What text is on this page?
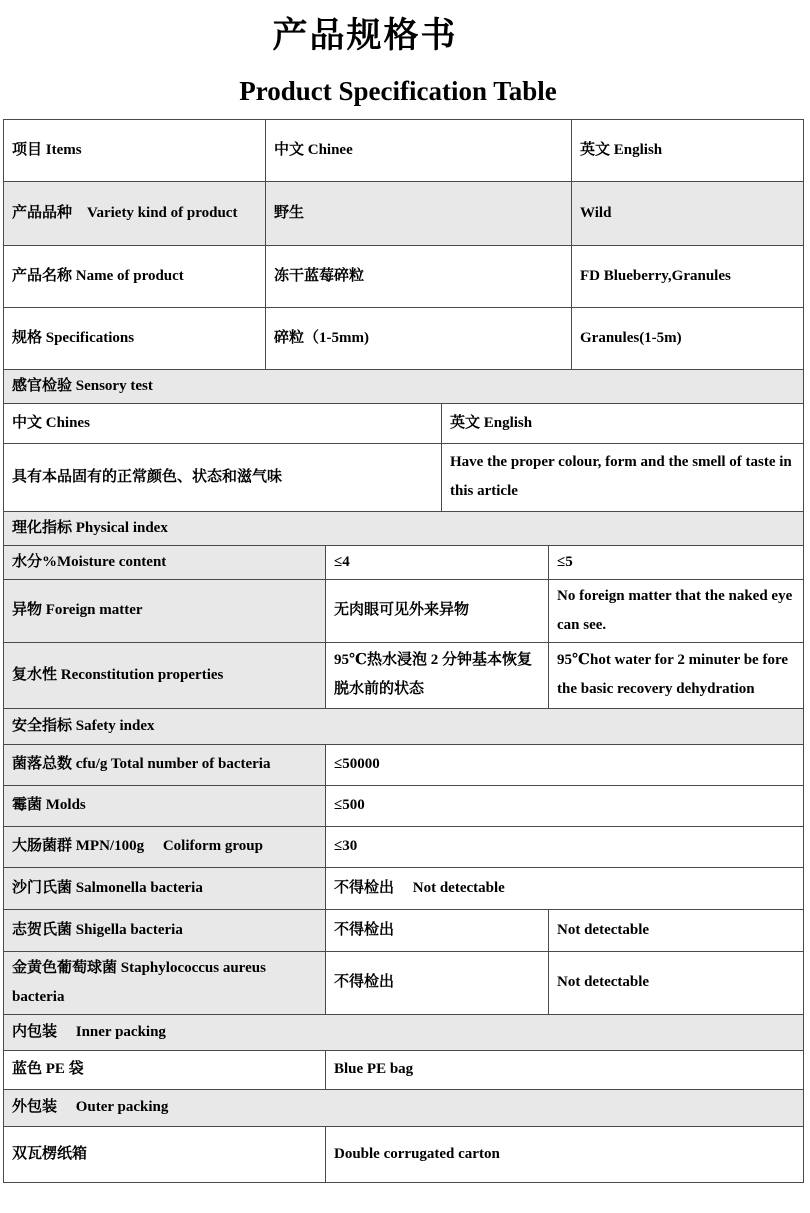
产品规格书
Product Specification Table
项目 Items	中文 Chinee				英文 English
产品品种　Variety kind of product	野生				Wild
产品名称 Name of product	冻干蓝莓碎粒				FD Blueberry,Granules
规格 Specifications	碎粒（1-5mm)				Granules(1-5m)
感官检验 Sensory test					
中文 Chines			英文 English		
具有本品固有的正常颜色、状态和滋气味			Have the proper colour, form and the smell of taste in this article		
理化指标 Physical index					
水分%Moisture content		≤4		≤5	
异物 Foreign matter		无肉眼可见外来异物		No foreign matter that the naked eye can see.	
复水性 Reconstitution properties		95℃热水浸泡 2 分钟基本恢复脱水前的状态		95℃hot water for 2 minuter be fore the basic recovery dehydration	
安全指标 Safety index					
菌落总数 cfu/g Total number of bacteria		≤50000			
霉菌 Molds		≤500			
大肠菌群 MPN/100g　 Coliform group		≤30			
沙门氏菌 Salmonella bacteria		不得检出　 Not detectable			
志贺氏菌 Shigella bacteria		不得检出		Not detectable	
金黄色葡萄球菌 Staphylococcus aureus bacteria		不得检出		Not detectable	
内包装　 Inner packing					
蓝色 PE 袋		Blue PE bag			
外包装　 Outer packing					
双瓦楞纸箱		Double corrugated carton			
